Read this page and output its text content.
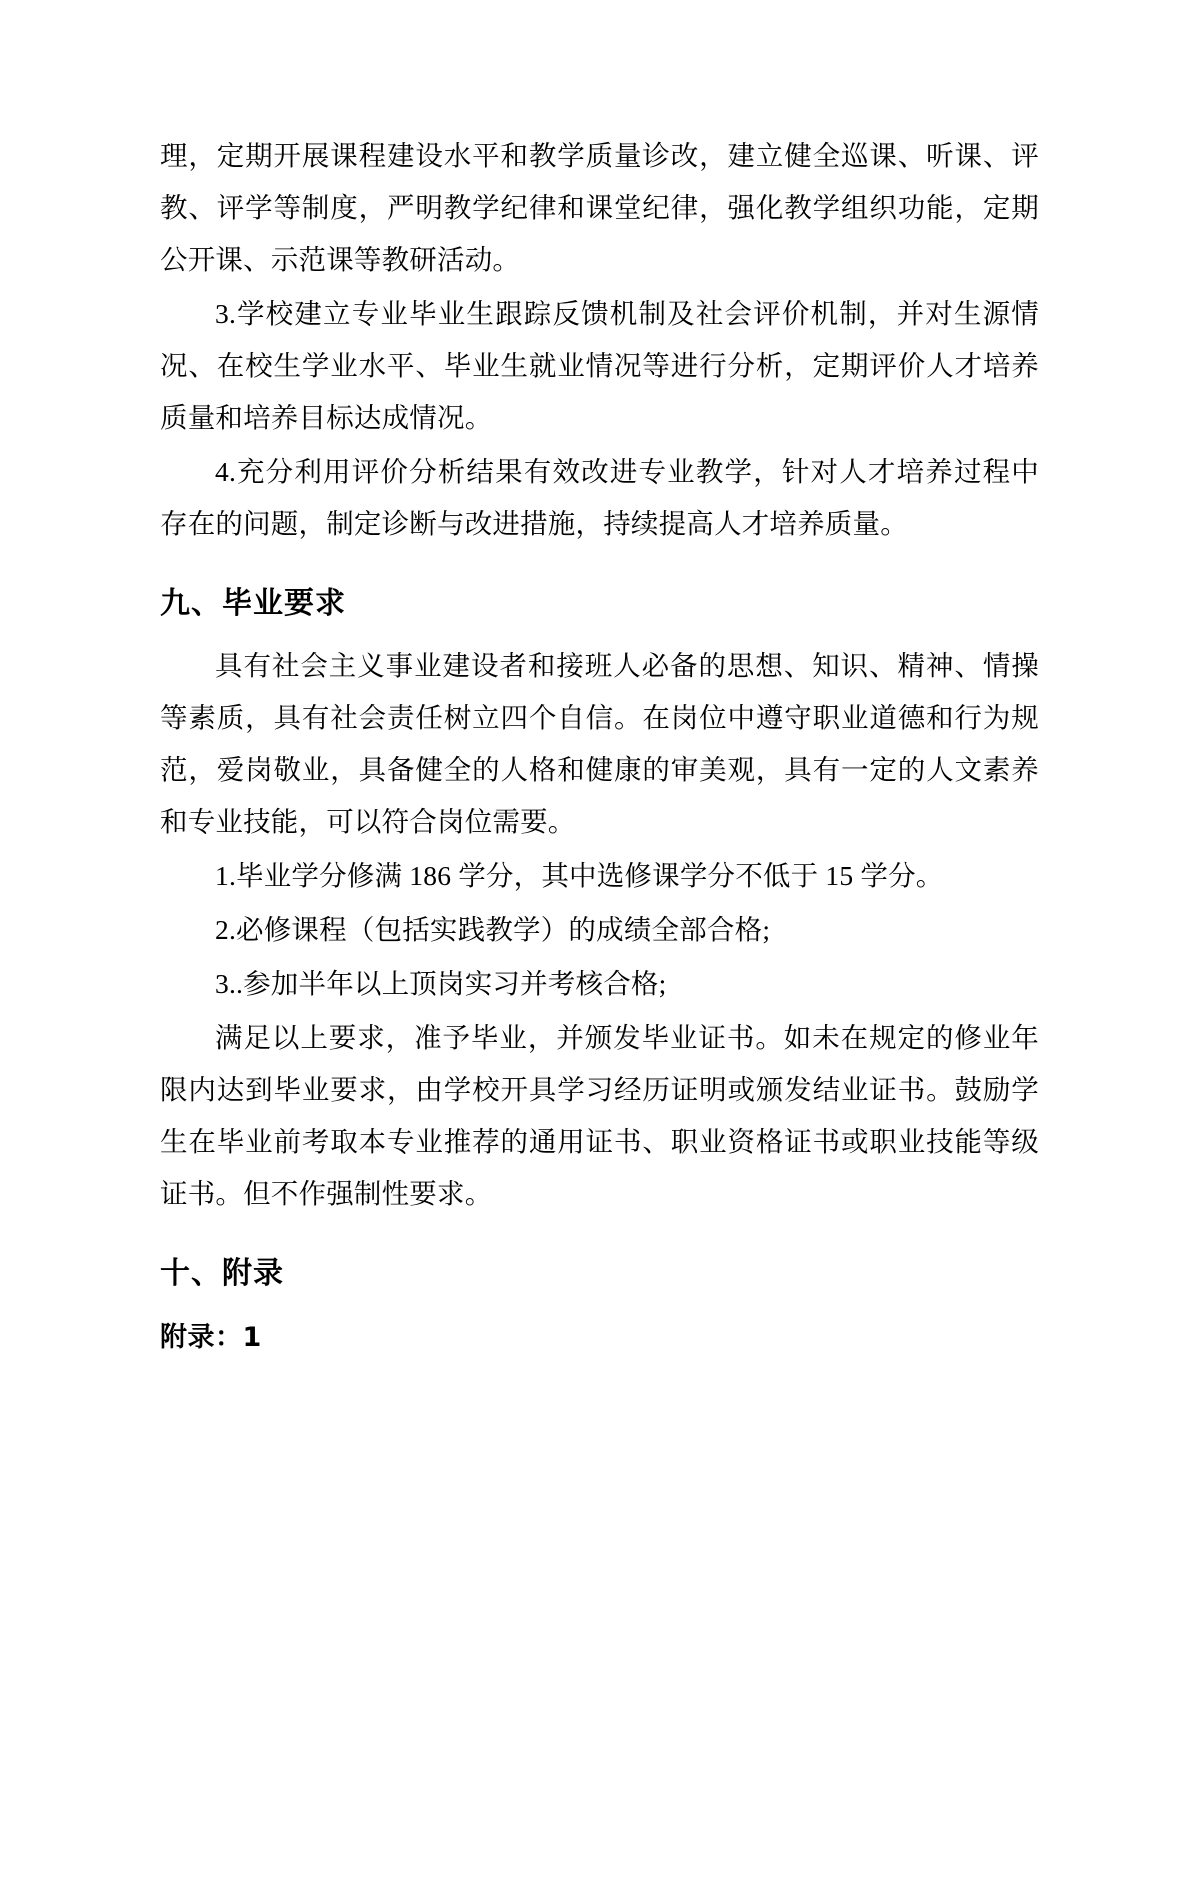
理，定期开展课程建设水平和教学质量诊改，建立健全巡课、听课、评教、评学等制度，严明教学纪律和课堂纪律，强化教学组织功能，定期公开课、示范课等教研活动。

3.学校建立专业毕业生跟踪反馈机制及社会评价机制，并对生源情况、在校生学业水平、毕业生就业情况等进行分析，定期评价人才培养质量和培养目标达成情况。

4.充分利用评价分析结果有效改进专业教学，针对人才培养过程中存在的问题，制定诊断与改进措施，持续提高人才培养质量。

九、毕业要求

具有社会主义事业建设者和接班人必备的思想、知识、精神、情操等素质，具有社会责任树立四个自信。在岗位中遵守职业道德和行为规范，爱岗敬业，具备健全的人格和健康的审美观，具有一定的人文素养和专业技能，可以符合岗位需要。

1.毕业学分修满 186 学分，其中选修课学分不低于 15 学分。

2.必修课程（包括实践教学）的成绩全部合格;

3..参加半年以上顶岗实习并考核合格;

满足以上要求，准予毕业，并颁发毕业证书。如未在规定的修业年限内达到毕业要求，由学校开具学习经历证明或颁发结业证书。鼓励学生在毕业前考取本专业推荐的通用证书、职业资格证书或职业技能等级证书。但不作强制性要求。

十、附录
附录：1
